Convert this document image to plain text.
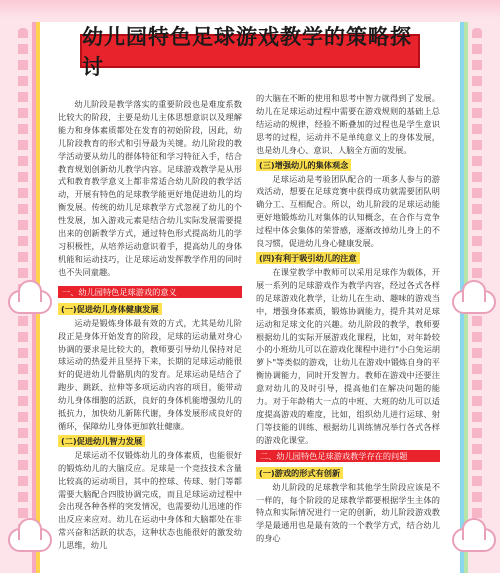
幼儿园特色足球游戏教学的策略探讨

幼儿阶段是教学落实的重要阶段也是难度系数比较大的阶段，主要是幼儿主体思想意识以及理解能力和身体素质都处在发育的初始阶段，因此，幼儿阶段教育的形式和引导最为关键。幼儿阶段的教学活动要从幼儿的群体特征和学习特征入手，结合教育规划创新幼儿教学内容。足球游戏教学是从形式和教育教学意义上都非常适合幼儿阶段的教学活动，开展有特色的足球教学能更好地促进幼儿的均衡发展。传统的幼儿足球教学方式忽视了幼儿的个性发展，加入游戏元素是结合幼儿实际发展需要提出来的创新教学方式，通过特色形式提高幼儿的学习积极性，从培养运动意识着手，提高幼儿的身体机能和运动技巧，让足球运动发挥教学作用的同时也不失同童趣。

一、幼儿园特色足球游戏的意义
(一)促进幼儿身体健康发展

运动是锻炼身体最有效的方式，尤其是幼儿阶段正是身体开始发育的阶段，足球的运动量对身心协调的要求是比较大的，教师要引导幼儿保持对足球运动的热爱并且坚持下来，长期的足球运动能很好的促进幼儿骨骼肌肉的发育。足球运动是结合了跑步、跳跃、拉伸等多项运动内容的项目，能带动幼儿身体细胞的活跃，良好的身体机能增强幼儿的抵抗力，加快幼儿新陈代谢，身体发展形成良好的循环，保障幼儿身体更加敦壮健康。

(二)促进幼儿智力发展

足球运动不仅锻炼幼儿的身体素质，也能很好的锻炼幼儿的大脑反应。足球是一个竞技技术含量比较高的运动项目，其中的控球、传球、射门等都需要大脑配合四肢协调完成，而且足球运动过程中会出现各种各样的突发情况，也需要幼儿迅速的作出反应来应对。幼儿在运动中身体和大脑都处在非常兴奋和活跃的状态，这种状态也能很好的激发幼儿思维，幼儿

的大脑在不断的使用和思考中智力就得到了发展。幼儿在足球运动过程中需要在游戏规则的基础上总结运动的规律，经验不断叠加的过程也是学生意识思考的过程，运动并不是单纯意义上的身体发展，也是幼儿身心、意识、人脑全方面的发展。

(三)增强幼儿的集体观念

足球运动是考验团队配合的一项多人参与的游戏活动，想要在足球竞赛中获得成功就需要团队明确分工、互相配合。所以，幼儿阶段的足球运动能更好地锻炼幼儿对集体的认知概念，在合作与竞争过程中体会集体的荣誉感，逐渐改掉幼儿身上的不良习惯，促进幼儿身心健康发展。

(四)有利于吸引幼儿的注意

在课堂教学中教师可以采用足球作为载体，开展一系列的足球游戏作为教学内容，经过各式各样的足球游戏化教学，让幼儿在生动、趣味的游戏当中，增强身体素质，锻炼协调能力，提升其对足球运动和足球文化的兴趣。幼儿阶段的教学，教师要根据幼儿的实际开展游戏化课程，比如，对年龄较小的小班幼儿可以在游戏化课程中进行"小白兔运胡萝卜"等类似的游戏，让幼儿在游戏中锻炼自身的平衡协调能力，同时开发智力。教师在游戏中还要注意对幼儿的及时引导，提高他们在解决问题的能力。对于年龄稍大一点的中班、大班的幼儿可以适度提高游戏的难度，比如，组织幼儿进行运球、射门等技能的训练、根据幼儿训练情况举行各式各样的游戏化课堂。

二、幼儿园特色足球游戏教学存在的问题
(一)游戏的形式有创新

幼儿阶段的足球教学和其他学生阶段应该是不一样的，每个阶段的足球教学都要根据学生主体的特点和实际情况进行一定的创新，幼儿阶段游戏教学是最通用也是最有效的一个教学方式，结合幼儿的身心
